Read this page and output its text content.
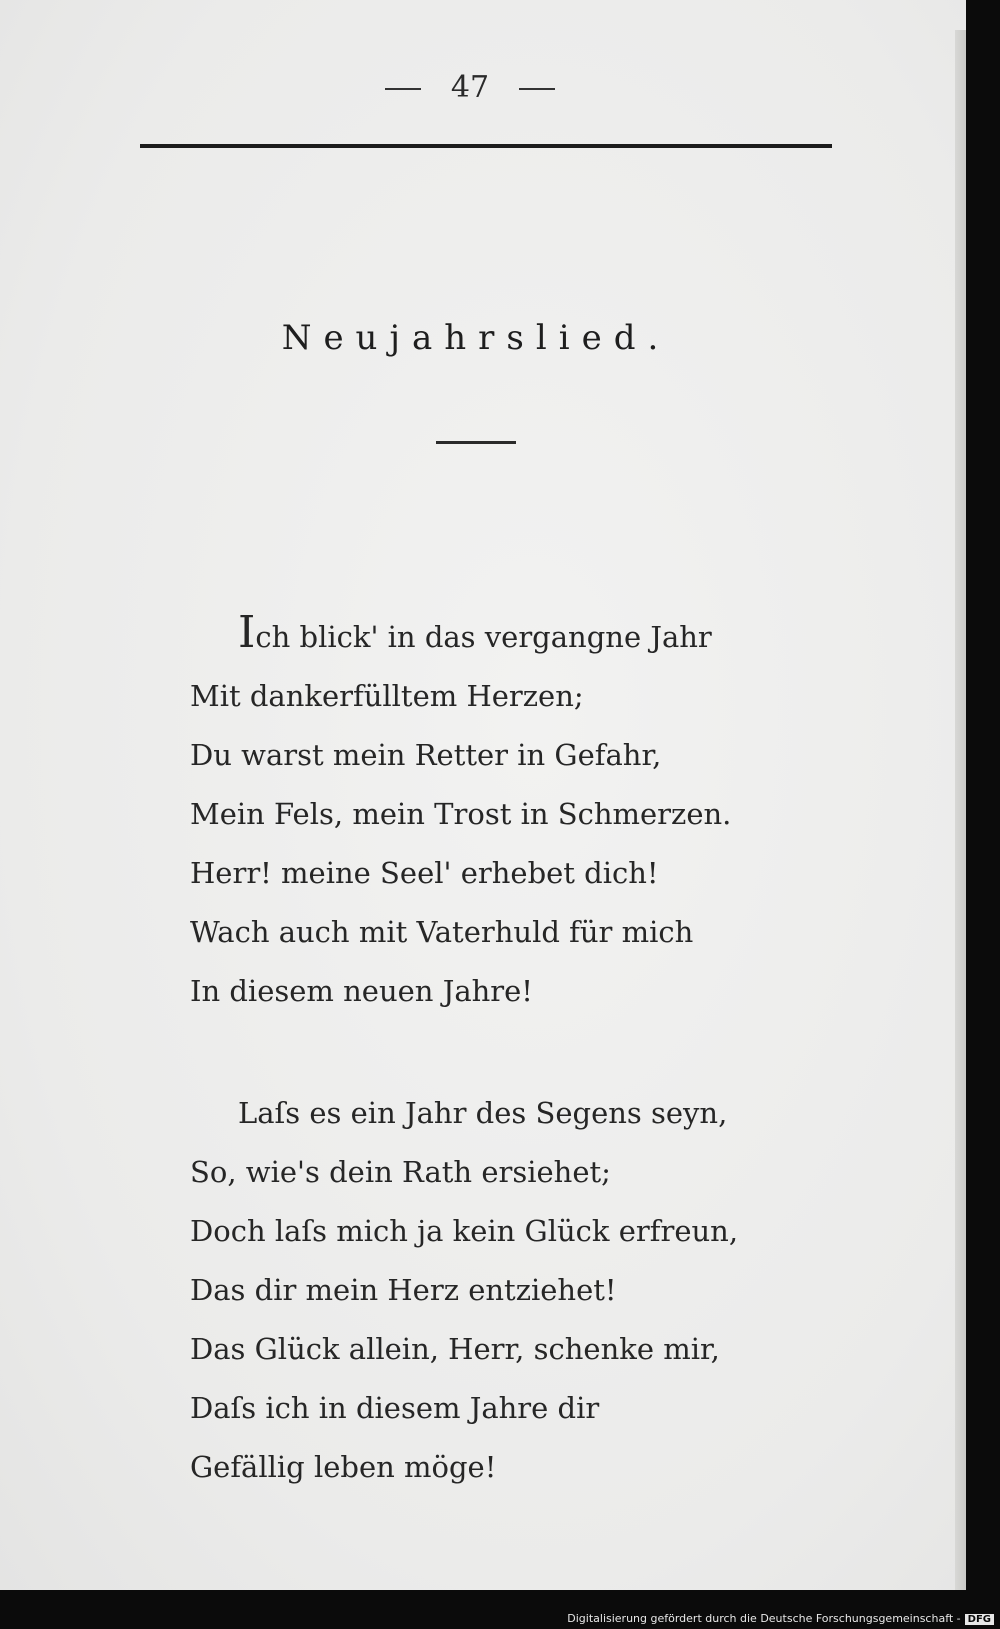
47
Neujahrslied.
Ich blick' in das vergangne Jahr
Mit dankerfülltem Herzen;
Du warst mein Retter in Gefahr,
Mein Fels, mein Trost in Schmerzen.
Herr! meine Seel' erhebet dich!
Wach auch mit Vaterhuld für mich
In diesem neuen Jahre!
Laſs es ein Jahr des Segens seyn,
So, wie's dein Rath ersiehet;
Doch laſs mich ja kein Glück erfreun,
Das dir mein Herz entziehet!
Das Glück allein, Herr, schenke mir,
Daſs ich in diesem Jahre dir
Gefällig leben möge!
Digitalisierung gefördert durch die Deutsche Forschungsgemeinschaft - DFG
